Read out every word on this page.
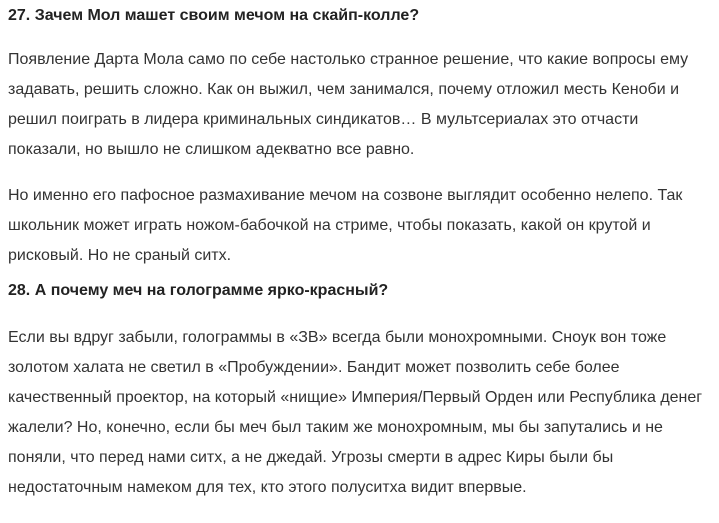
27. Зачем Мол машет своим мечом на скайп-колле?

Появление Дарта Мола само по себе настолько странное решение, что какие вопросы ему
задавать, решить сложно. Как он выжил, чем занимался, почему отложил месть Кеноби и
решил поиграть в лидера криминальных синдикатов… В мультсериалах это отчасти
показали, но вышло не слишком адекватно все равно.

Но именно его пафосное размахивание мечом на созвоне выглядит особенно нелепо. Так
школьник может играть ножом-бабочкой на стриме, чтобы показать, какой он крутой и
рисковый. Но не сраный ситх.

28. А почему меч на голограмме ярко-красный?

Если вы вдруг забыли, голограммы в «ЗВ» всегда были монохромными. Сноук вон тоже
золотом халата не светил в «Пробуждении». Бандит может позволить себе более
качественный проектор, на который «нищие» Империя/Первый Орден или Республика денег
жалели? Но, конечно, если бы меч был таким же монохромным, мы бы запутались и не
поняли, что перед нами ситх, а не джедай. Угрозы смерти в адрес Киры были бы
недостаточным намеком для тех, кто этого полуситха видит впервые.
